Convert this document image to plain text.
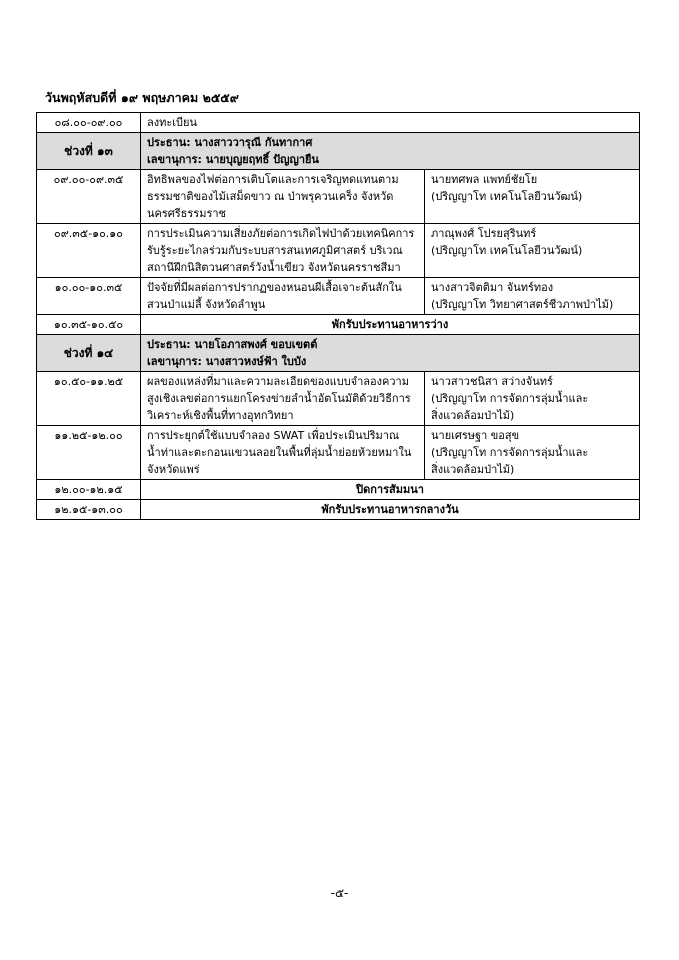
วันพฤหัสบดีที่ ๑๙ พฤษภาคม ๒๕๕๙
๐๘.๐๐-๐๙.๐๐	ลงทะเบียน	
ช่วงที่ ๑๓	ประธาน: นางสาววารุณี กันทากาศ
เลขานุการ: นายบุญยฤทธิ์ ปัญญายืน	

๐๙.๐๐-๐๙.๓๕	อิทธิพลของไฟต่อการเติบโตและการเจริญทดแทนตาม
ธรรมชาติของไม้เสม็ดขาว ณ ป่าพรุควนเคร็ง จังหวัด
นครศรีธรรมราช	นายทศพล แพทย์ชัยโย
(ปริญญาโท เทคโนโลยีวนวัฒน์)

๐๙.๓๕-๑๐.๑๐	การประเมินความเสี่ยงภัยต่อการเกิดไฟป่าด้วยเทคนิคการ
รับรู้ระยะไกลร่วมกับระบบสารสนเทศภูมิศาสตร์ บริเวณ
สถานีฝึกนิสิตวนศาสตร์วังน้ำเขียว จังหวัดนครราชสีมา	ภาณุพงศ์ โปรยสุรินทร์
(ปริญญาโท เทคโนโลยีวนวัฒน์)

๑๐.๐๐-๑๐.๓๕	ปัจจัยที่มีผลต่อการปรากฏของหนอนผีเสื้อเจาะต้นสักใน
สวนป่าแม่ลี้ จังหวัดลำพูน	นางสาวจิตติมา จันทร์ทอง
(ปริญญาโท วิทยาศาสตร์ชีวภาพป่าไม้)

๑๐.๓๕-๑๐.๕๐	พักรับประทานอาหารว่าง	
ช่วงที่ ๑๔	ประธาน: นายโอภาสพงศ์ ขอบเขตต์
เลขานุการ: นางสาวหงษ์ฟ้า ใบบัง	

๑๐.๕๐-๑๑.๒๕	ผลของแหล่งที่มาและความละเอียดของแบบจำลองความ
สูงเชิงเลขต่อการแยกโครงข่ายลำน้ำอัตโนมัติด้วยวิธีการ
วิเคราะห์เชิงพื้นที่ทางอุทกวิทยา	นาวสาวชนิสา สว่างจันทร์
(ปริญญาโท การจัดการลุ่มน้ำและ
สิ่งแวดล้อมป่าไม้)

๑๑.๒๕-๑๒.๐๐	การประยุกต์ใช้แบบจำลอง SWAT เพื่อประเมินปริมาณ
น้ำท่าและตะกอนแขวนลอยในพื้นที่ลุ่มน้ำย่อยห้วยหมาใน
จังหวัดแพร่	นายเศรษฐา ขอสุข
(ปริญญาโท การจัดการลุ่มน้ำและ
สิ่งแวดล้อมป่าไม้)

๑๒.๐๐-๑๒.๑๕	ปิดการสัมมนา	
๑๒.๑๕-๑๓.๐๐	พักรับประทานอาหารกลางวัน	
-๕-
